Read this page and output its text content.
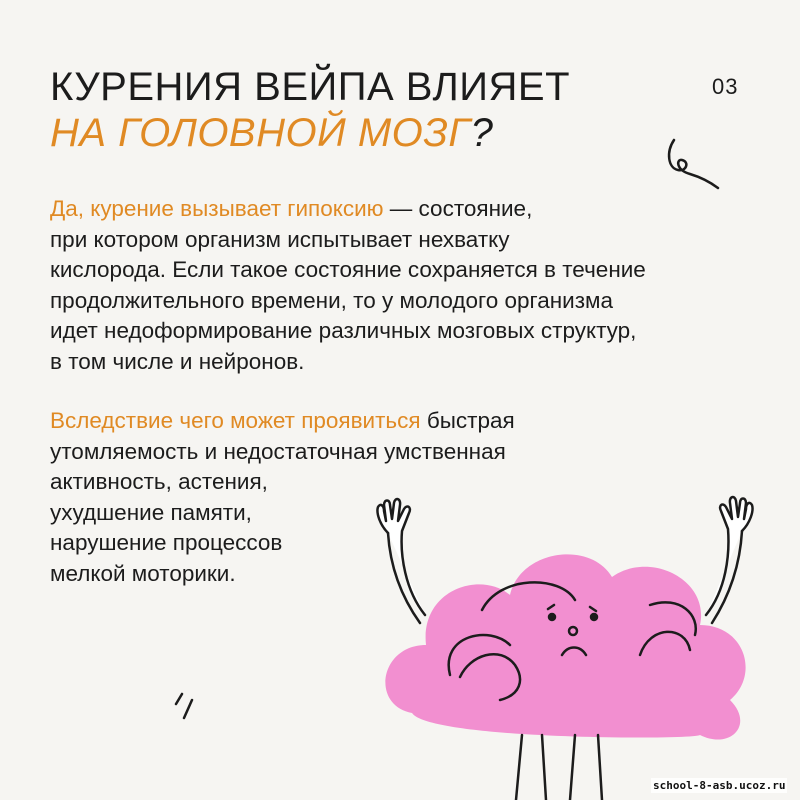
КУРЕНИЯ ВЕЙПА ВЛИЯЕТ
НА ГОЛОВНОЙ МОЗГ?
03

Да, курение вызывает гипоксию — состояние,
при котором организм испытывает нехватку
кислорода. Если такое состояние сохраняется в течение
продолжительного времени, то у молодого организма
идет недоформирование различных мозговых структур,
в том числе и нейронов.

Вследствие чего может проявиться быстрая
утомляемость и недостаточная умственная
активность, астения,
ухудшение памяти,
нарушение процессов
мелкой моторики.

school-8-asb.ucoz.ru
